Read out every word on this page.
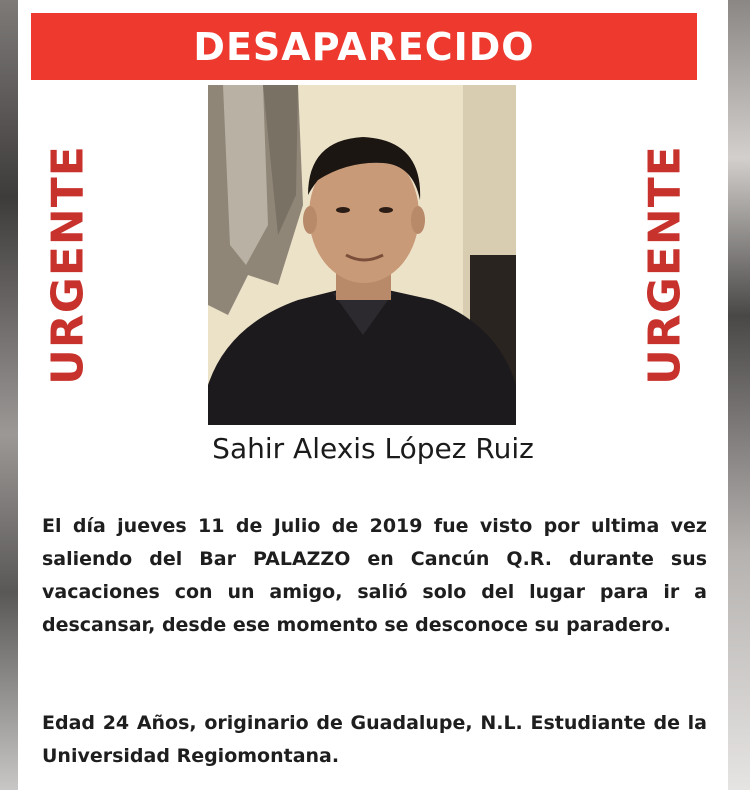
DESAPARECIDO
URGENTE	URGENTE
Sahir Alexis López Ruiz
El día jueves 11 de Julio de 2019 fue visto por ultima vez saliendo del Bar PALAZZO en Cancún Q.R. durante sus vacaciones con un amigo, salió solo del lugar para ir a descansar, desde ese momento se desconoce su paradero.
Edad 24 Años, originario de Guadalupe, N.L. Estudiante de la Universidad Regiomontana.
